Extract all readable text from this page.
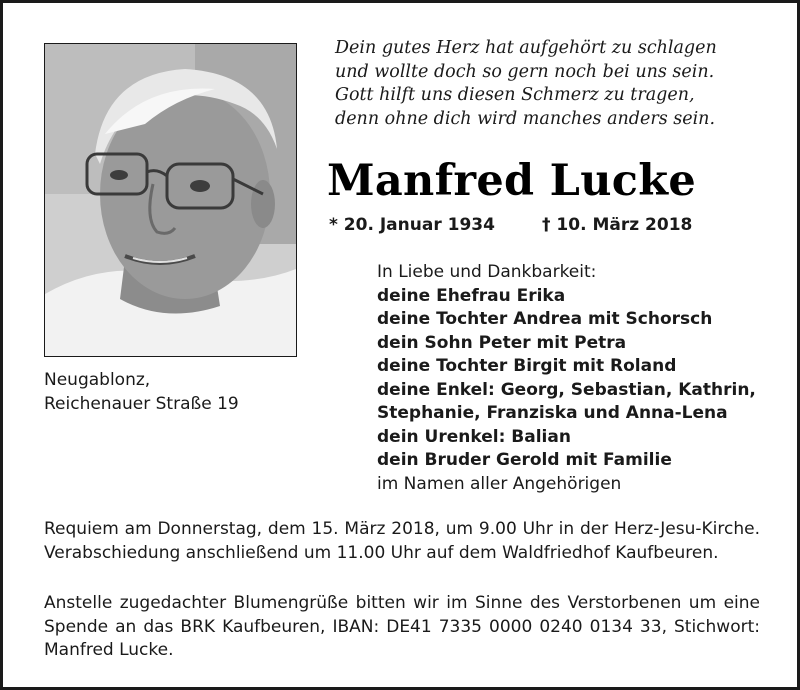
Dein gutes Herz hat aufgehört zu schlagen
und wollte doch so gern noch bei uns sein.
Gott hilft uns diesen Schmerz zu tragen,
denn ohne dich wird manches anders sein.
Manfred Lucke
* 20. Januar 1934	† 10. März 2018
In Liebe und Dankbarkeit:
deine Ehefrau Erika
deine Tochter Andrea mit Schorsch
dein Sohn Peter mit Petra
deine Tochter Birgit mit Roland
deine Enkel: Georg, Sebastian, Kathrin,
Stephanie, Franziska und Anna-Lena
dein Urenkel: Balian
dein Bruder Gerold mit Familie
im Namen aller Angehörigen
Neugablonz,
Reichenauer Straße 19
Requiem am Donnerstag, dem 15. März 2018, um 9.00 Uhr in der Herz-Jesu-Kirche. Verabschiedung anschließend um 11.00 Uhr auf dem Waldfriedhof Kaufbeuren.
Anstelle zugedachter Blumengrüße bitten wir im Sinne des Verstorbenen um eine Spende an das BRK Kaufbeuren, IBAN: DE41 7335 0000 0240 0134 33, Stichwort: Manfred Lucke.
